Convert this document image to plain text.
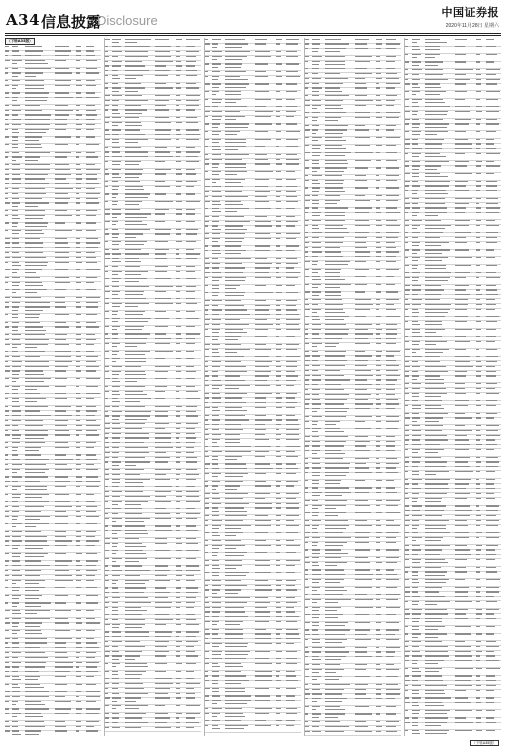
A34 信息披露
Disclosure
中国证券报
2020年11月28日 星期六
（下转A35版）
（下转A35版）
